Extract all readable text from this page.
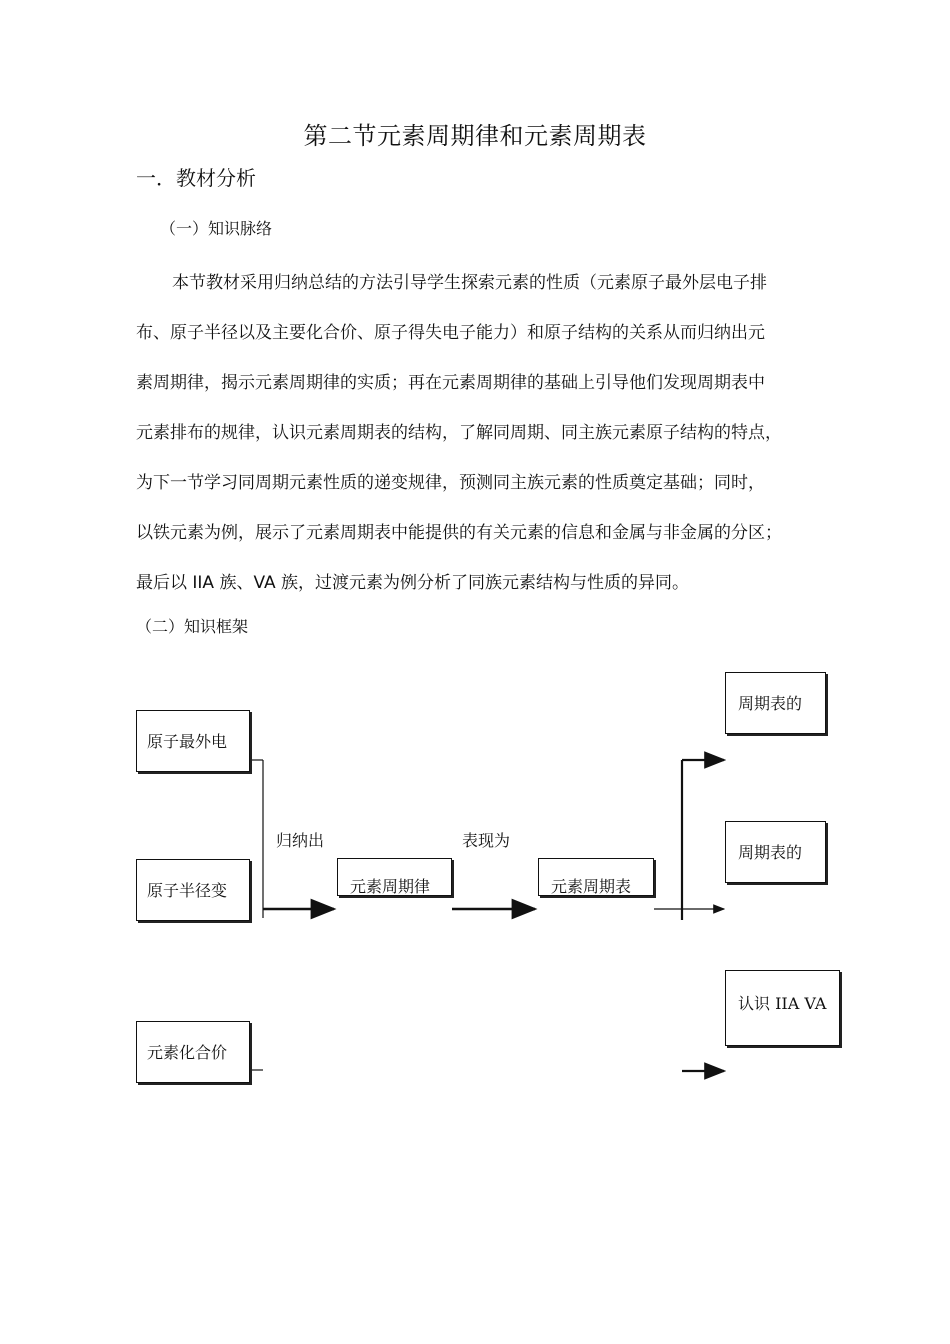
第二节元素周期律和元素周期表
一．教材分析
（一）知识脉络

本节教材采用归纳总结的方法引导学生探索元素的性质（元素原子最外层电子排

布、原子半径以及主要化合价、原子得失电子能力）和原子结构的关系从而归纳出元

素周期律，揭示元素周期律的实质；再在元素周期律的基础上引导他们发现周期表中

元素排布的规律，认识元素周期表的结构，了解同周期、同主族元素原子结构的特点，

为下一节学习同周期元素性质的递变规律，预测同主族元素的性质奠定基础；同时，

以铁元素为例，展示了元素周期表中能提供的有关元素的信息和金属与非金属的分区；

最后以 IIA 族、VA 族，过渡元素为例分析了同族元素结构与性质的异同。

（二）知识框架
原子最外电
原子半径变
元素化合价
归纳出	表现为
元素周期律	元素周期表
周期表的
周期表的
认识 IIA VA
